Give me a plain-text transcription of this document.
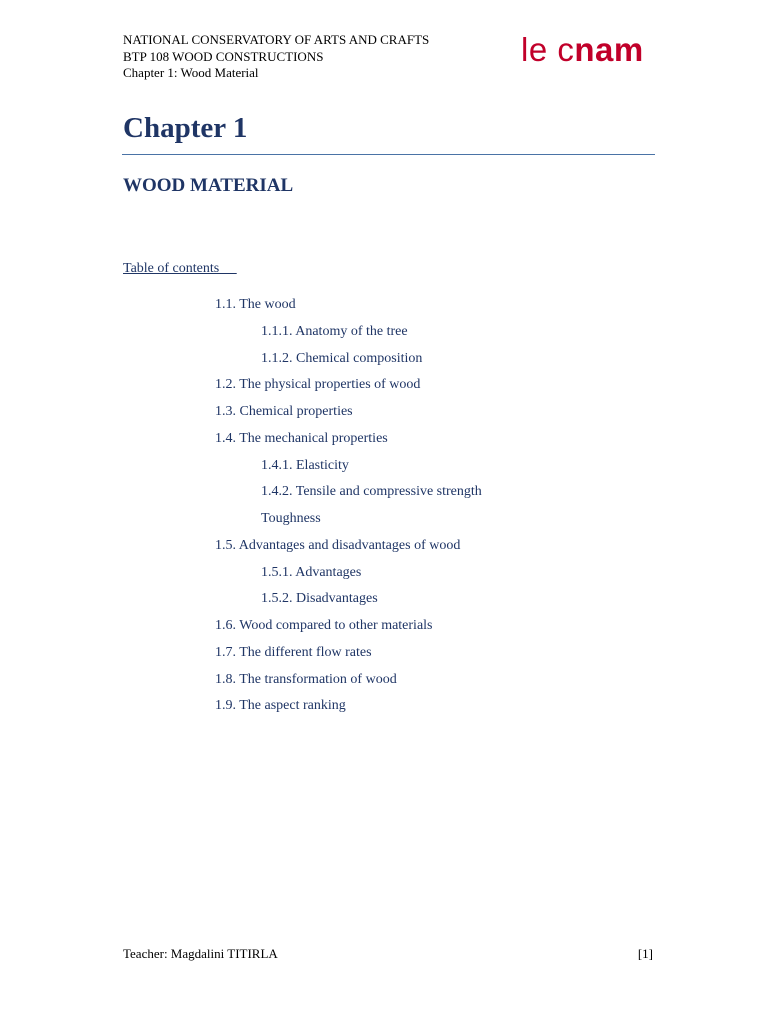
NATIONAL CONSERVATORY OF ARTS AND CRAFTS
BTP 108 WOOD CONSTRUCTIONS
Chapter 1: Wood Material
le cnam
Chapter 1
WOOD MATERIAL
Table of contents
1.1. The wood
1.1.1. Anatomy of the tree
1.1.2. Chemical composition
1.2. The physical properties of wood
1.3. Chemical properties
1.4. The mechanical properties
1.4.1. Elasticity
1.4.2. Tensile and compressive strength
Toughness
1.5. Advantages and disadvantages of wood
1.5.1. Advantages
1.5.2. Disadvantages
1.6. Wood compared to other materials
1.7. The different flow rates
1.8. The transformation of wood
1.9. The aspect ranking
Teacher: Magdalini TITIRLA	[1]
